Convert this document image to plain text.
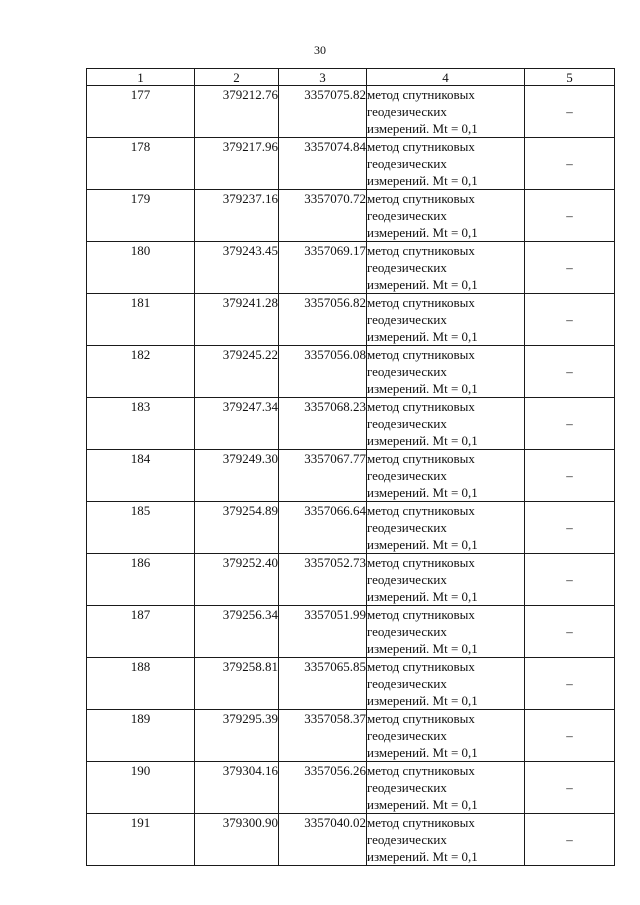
30
1	2	3	4	5
177	379212.76	3357075.82	метод спутниковых
геодезических
измерений. Mt = 0,1	–
178	379217.96	3357074.84	метод спутниковых
геодезических
измерений. Mt = 0,1	–
179	379237.16	3357070.72	метод спутниковых
геодезических
измерений. Mt = 0,1	–
180	379243.45	3357069.17	метод спутниковых
геодезических
измерений. Mt = 0,1	–
181	379241.28	3357056.82	метод спутниковых
геодезических
измерений. Mt = 0,1	–
182	379245.22	3357056.08	метод спутниковых
геодезических
измерений. Mt = 0,1	–
183	379247.34	3357068.23	метод спутниковых
геодезических
измерений. Mt = 0,1	–
184	379249.30	3357067.77	метод спутниковых
геодезических
измерений. Mt = 0,1	–
185	379254.89	3357066.64	метод спутниковых
геодезических
измерений. Mt = 0,1	–
186	379252.40	3357052.73	метод спутниковых
геодезических
измерений. Mt = 0,1	–
187	379256.34	3357051.99	метод спутниковых
геодезических
измерений. Mt = 0,1	–
188	379258.81	3357065.85	метод спутниковых
геодезических
измерений. Mt = 0,1	–
189	379295.39	3357058.37	метод спутниковых
геодезических
измерений. Mt = 0,1	–
190	379304.16	3357056.26	метод спутниковых
геодезических
измерений. Mt = 0,1	–
191	379300.90	3357040.02	метод спутниковых
геодезических
измерений. Mt = 0,1	–
